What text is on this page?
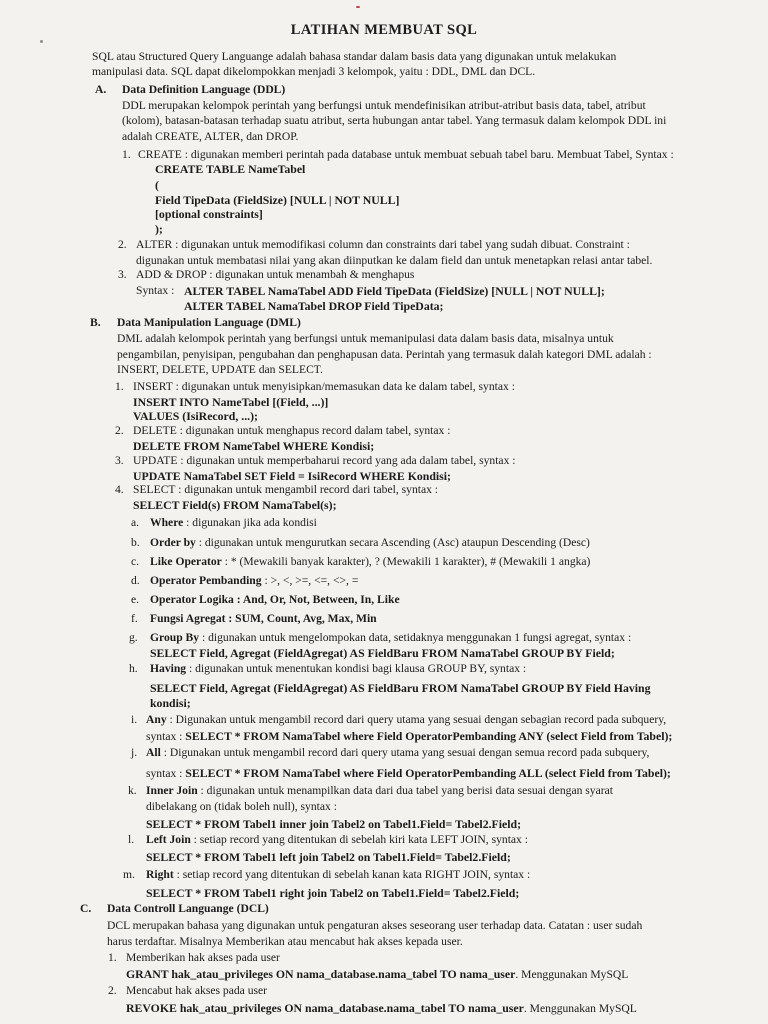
LATIHAN MEMBUAT SQL
SQL atau Structured Query Languange adalah bahasa standar dalam basis data yang digunakan untuk melakukan
manipulasi data. SQL dapat dikelompokkan menjadi 3 kelompok, yaitu : DDL, DML dan DCL.
A. Data Definition Language (DDL)
DDL merupakan kelompok perintah yang berfungsi untuk mendefinisikan atribut-atribut basis data, tabel, atribut
(kolom), batasan-batasan terhadap suatu atribut, serta hubungan antar tabel. Yang termasuk dalam kelompok DDL ini
adalah CREATE, ALTER, dan DROP.
1. CREATE : digunakan memberi perintah pada database untuk membuat sebuah tabel baru. Membuat Tabel, Syntax :
CREATE TABLE NameTabel
(
Field TipeData (FieldSize) [NULL | NOT NULL]
[optional constraints]
);
2. ALTER : digunakan untuk memodifikasi column dan constraints dari tabel yang sudah dibuat. Constraint :
digunakan untuk membatasi nilai yang akan diinputkan ke dalam field dan untuk menetapkan relasi antar tabel.
3. ADD & DROP : digunakan untuk menambah & menghapus
Syntax : ALTER TABEL NamaTabel ADD Field TipeData (FieldSize) [NULL | NOT NULL];
ALTER TABEL NamaTabel DROP Field TipeData;
B. Data Manipulation Language (DML)
DML adalah kelompok perintah yang berfungsi untuk memanipulasi data dalam basis data, misalnya untuk
pengambilan, penyisipan, pengubahan dan penghapusan data. Perintah yang termasuk dalah kategori DML adalah :
INSERT, DELETE, UPDATE dan SELECT.
1. INSERT : digunakan untuk menyisipkan/memasukan data ke dalam tabel, syntax :
INSERT INTO NameTabel [(Field, ...)]
VALUES (IsiRecord, ...);
2. DELETE : digunakan untuk menghapus record dalam tabel, syntax :
DELETE FROM NameTabel WHERE Kondisi;
3. UPDATE : digunakan untuk memperbaharui record yang ada dalam tabel, syntax :
UPDATE NamaTabel SET Field = IsiRecord WHERE Kondisi;
4. SELECT : digunakan untuk mengambil record dari tabel, syntax :
SELECT Field(s) FROM NamaTabel(s);
a. Where : digunakan jika ada kondisi
b. Order by : digunakan untuk mengurutkan secara Ascending (Asc) ataupun Descending (Desc)
c. Like Operator : * (Mewakili banyak karakter), ? (Mewakili 1 karakter), # (Mewakili 1 angka)
d. Operator Pembanding : >, <, >=, <=, <>, =
e. Operator Logika : And, Or, Not, Between, In, Like
f. Fungsi Agregat : SUM, Count, Avg, Max, Min
g. Group By : digunakan untuk mengelompokan data, setidaknya menggunakan 1 fungsi agregat, syntax :
SELECT Field, Agregat (FieldAgregat) AS FieldBaru FROM NamaTabel GROUP BY Field;
h. Having : digunakan untuk menentukan kondisi bagi klausa GROUP BY, syntax :
SELECT Field, Agregat (FieldAgregat) AS FieldBaru FROM NamaTabel GROUP BY Field Having
kondisi;
i. Any : Digunakan untuk mengambil record dari query utama yang sesuai dengan sebagian record pada subquery,
syntax : SELECT * FROM NamaTabel where Field OperatorPembanding ANY (select Field from Tabel);
j. All : Digunakan untuk mengambil record dari query utama yang sesuai dengan semua record pada subquery,
syntax : SELECT * FROM NamaTabel where Field OperatorPembanding ALL (select Field from Tabel);
k. Inner Join : digunakan untuk menampilkan data dari dua tabel yang berisi data sesuai dengan syarat
dibelakang on (tidak boleh null), syntax :
SELECT * FROM Tabel1 inner join Tabel2 on Tabel1.Field= Tabel2.Field;
l. Left Join : setiap record yang ditentukan di sebelah kiri kata LEFT JOIN, syntax :
SELECT * FROM Tabel1 left join Tabel2 on Tabel1.Field= Tabel2.Field;
m. Right : setiap record yang ditentukan di sebelah kanan kata RIGHT JOIN, syntax :
SELECT * FROM Tabel1 right join Tabel2 on Tabel1.Field= Tabel2.Field;
C. Data Controll Languange (DCL)
DCL merupakan bahasa yang digunakan untuk pengaturan akses seseorang user terhadap data. Catatan : user sudah
harus terdaftar. Misalnya Memberikan atau mencabut hak akses kepada user.
1. Memberikan hak akses pada user
GRANT hak_atau_privileges ON nama_database.nama_tabel TO nama_user. Menggunakan MySQL
2. Mencabut hak akses pada user
REVOKE hak_atau_privileges ON nama_database.nama_tabel TO nama_user. Menggunakan MySQL
